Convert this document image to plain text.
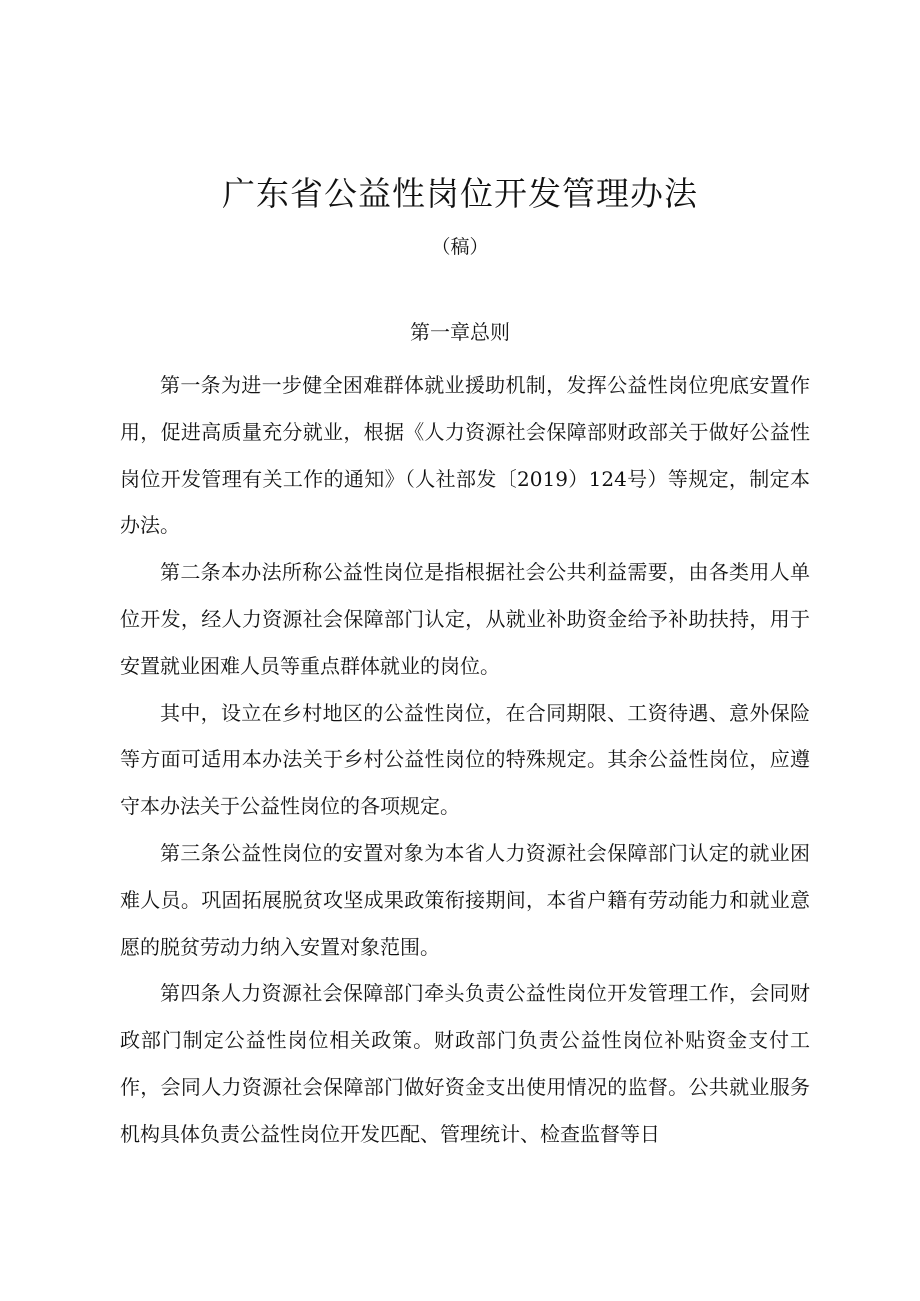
广东省公益性岗位开发管理办法
（稿）
第一章总则

第一条为进一步健全困难群体就业援助机制，发挥公益性岗位兜底安置作用，促进高质量充分就业，根据《人力资源社会保障部财政部关于做好公益性岗位开发管理有关工作的通知》（人社部发〔2019）124号）等规定，制定本办法。

第二条本办法所称公益性岗位是指根据社会公共利益需要，由各类用人单位开发，经人力资源社会保障部门认定，从就业补助资金给予补助扶持，用于安置就业困难人员等重点群体就业的岗位。

其中，设立在乡村地区的公益性岗位，在合同期限、工资待遇、意外保险等方面可适用本办法关于乡村公益性岗位的特殊规定。其余公益性岗位，应遵守本办法关于公益性岗位的各项规定。

第三条公益性岗位的安置对象为本省人力资源社会保障部门认定的就业困难人员。巩固拓展脱贫攻坚成果政策衔接期间，本省户籍有劳动能力和就业意愿的脱贫劳动力纳入安置对象范围。

第四条人力资源社会保障部门牵头负责公益性岗位开发管理工作，会同财政部门制定公益性岗位相关政策。财政部门负责公益性岗位补贴资金支付工作，会同人力资源社会保障部门做好资金支出使用情况的监督。公共就业服务机构具体负责公益性岗位开发匹配、管理统计、检查监督等日
